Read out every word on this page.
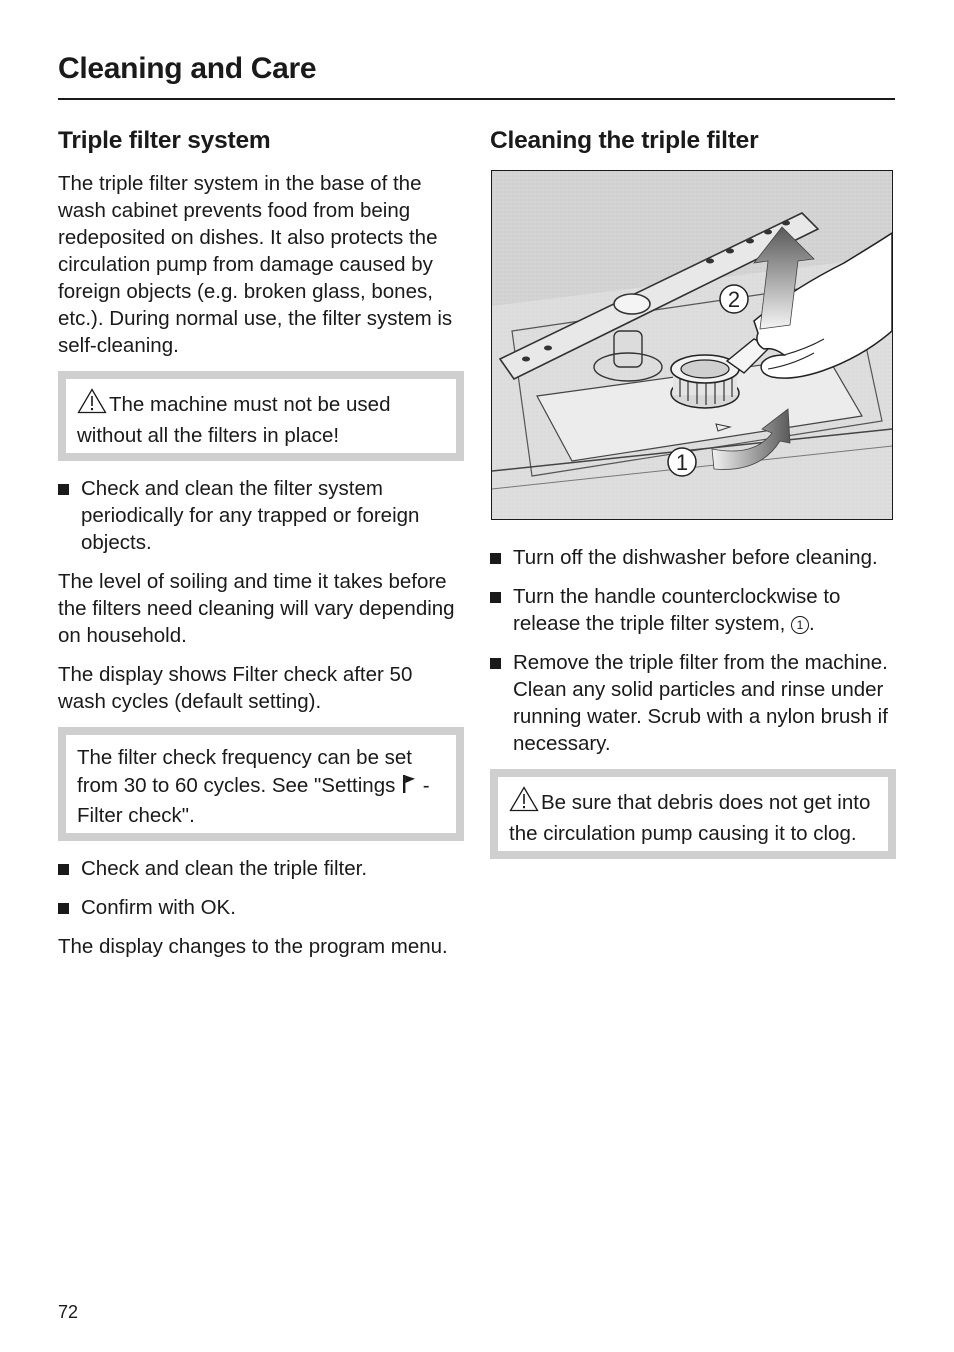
Cleaning and Care
Triple filter system

The triple filter system in the base of the wash cabinet prevents food from being redeposited on dishes. It also protects the circulation pump from damage caused by foreign objects (e.g. broken glass, bones, etc.). During normal use, the filter system is self-cleaning.

The machine must not be used without all the filters in place!
Check and clean the filter system periodically for any trapped or foreign objects.

The level of soiling and time it takes before the filters need cleaning will vary depending on household.

The display shows Filter check after 50 wash cycles (default setting).

The filter check frequency can be set from 30 to 60 cycles. See "Settings - Filter check".
Check and clean the triple filter.
Confirm with OK.

The display changes to the program menu.

Cleaning the triple filter
2
1
Turn off the dishwasher before cleaning.
Turn the handle counterclockwise to release the triple filter system, 1 .
Remove the triple filter from the machine. Clean any solid particles and rinse under running water. Scrub with a nylon brush if necessary.
Be sure that debris does not get into the circulation pump causing it to clog.
72
